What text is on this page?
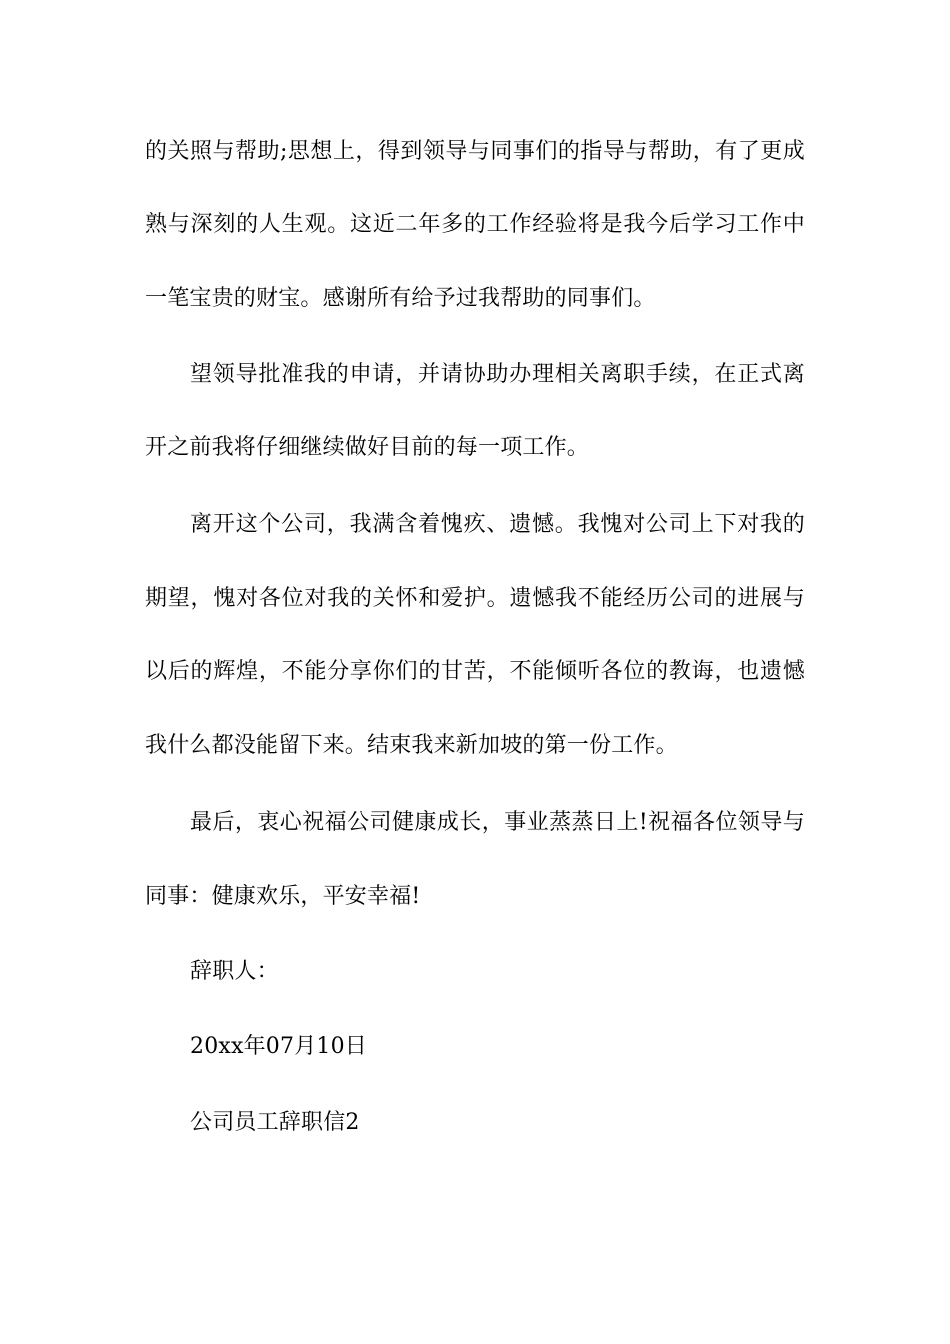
的关照与帮助;思想上，得到领导与同事们的指导与帮助，有了更成
熟与深刻的人生观。这近二年多的工作经验将是我今后学习工作中
一笔宝贵的财宝。感谢所有给予过我帮助的同事们。
望领导批准我的申请，并请协助办理相关离职手续，在正式离
开之前我将仔细继续做好目前的每一项工作。
离开这个公司，我满含着愧疚、遗憾。我愧对公司上下对我的
期望，愧对各位对我的关怀和爱护。遗憾我不能经历公司的进展与
以后的辉煌，不能分享你们的甘苦，不能倾听各位的教诲，也遗憾
我什么都没能留下来。结束我来新加坡的第一份工作。
最后，衷心祝福公司健康成长，事业蒸蒸日上!祝福各位领导与
同事：健康欢乐，平安幸福!
辞职人：
20xx年07月10日
公司员工辞职信2
